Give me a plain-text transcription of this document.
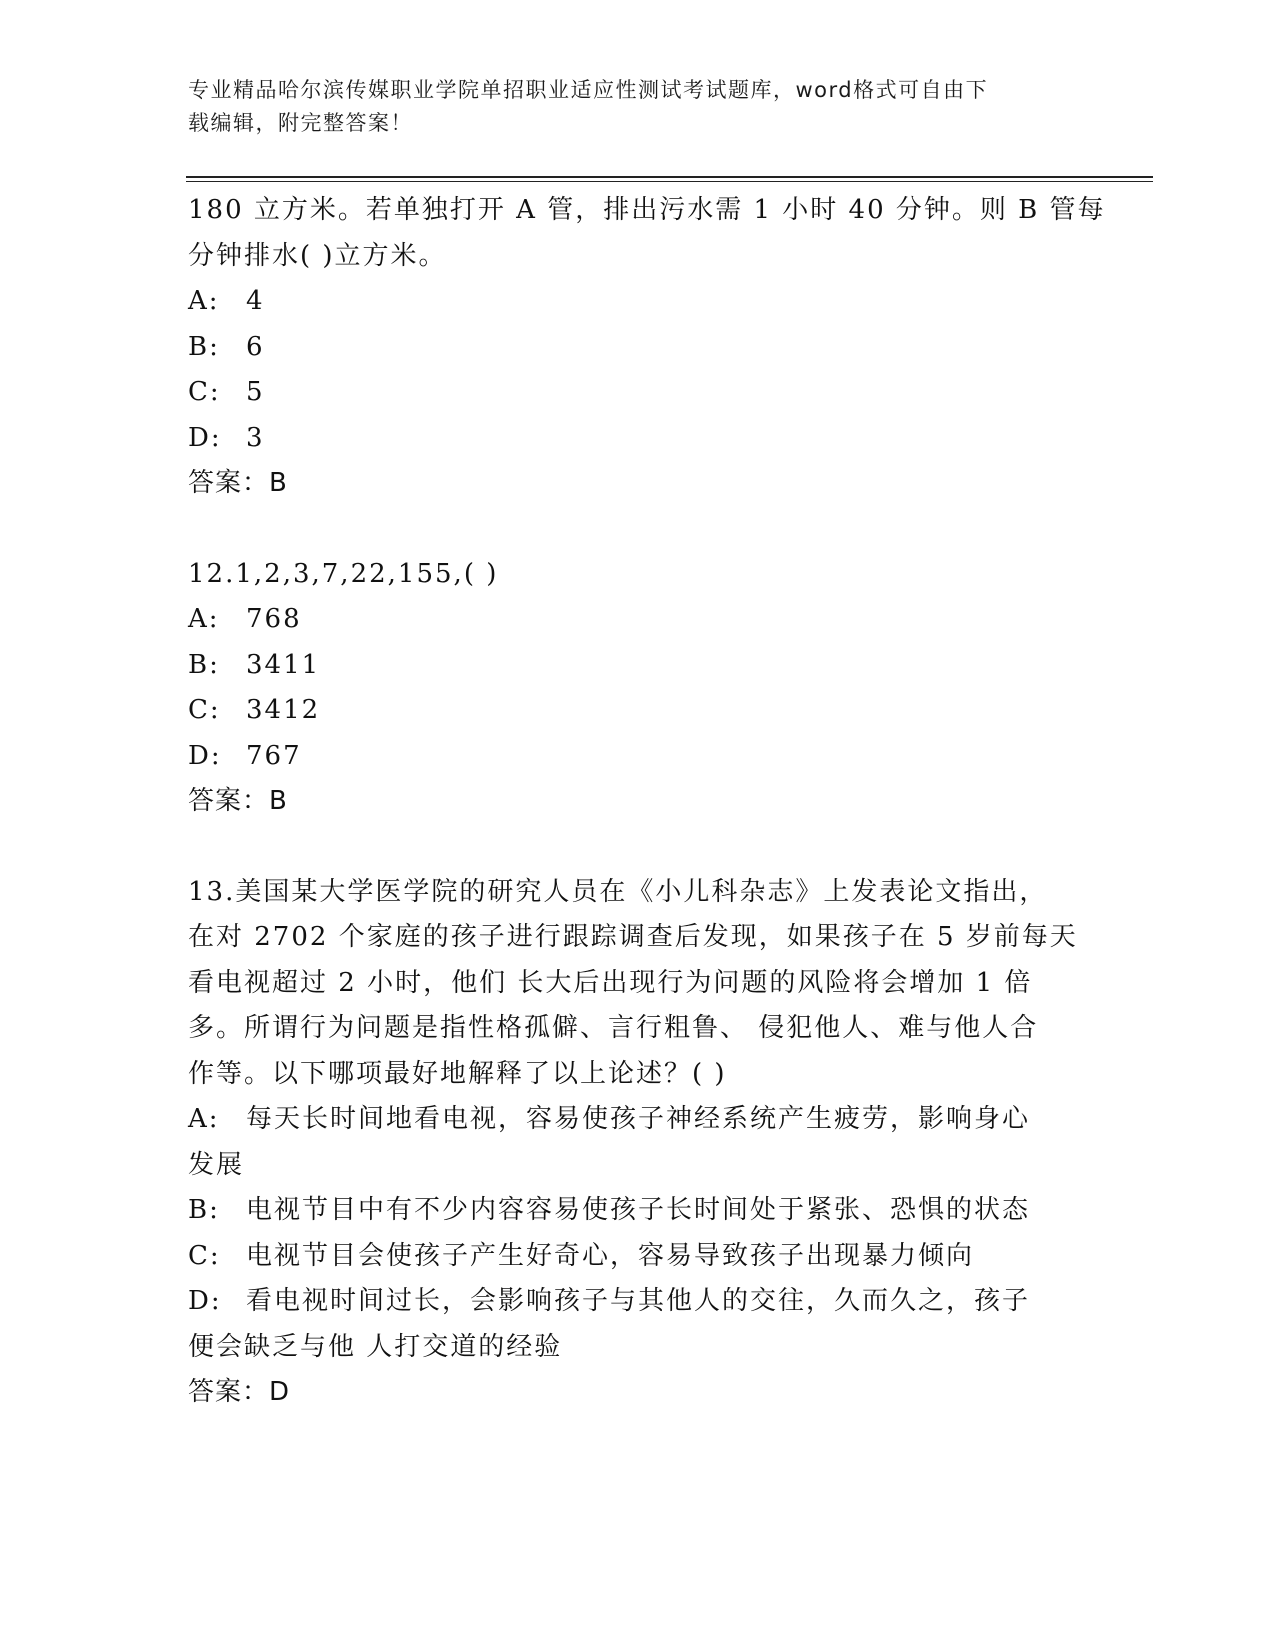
专业精品哈尔滨传媒职业学院单招职业适应性测试考试题库，word格式可自由下
载编辑，附完整答案！
180 立方米。若单独打开 A 管，排出污水需 1 小时 40 分钟。则 B 管每
分钟排水( )立方米。
A:	4
B:	6
C: 5
D: 3
答案：B
12.1,2,3,7,22,155,( )
A:	768
B:	3411
C: 3412
D: 767
答案：B
13.美国某大学医学院的研究人员在《小儿科杂志》上发表论文指出，
在对 2702 个家庭的孩子进行跟踪调查后发现，如果孩子在 5 岁前每天
看电视超过 2 小时，他们 长大后出现行为问题的风险将会增加 1 倍
多。所谓行为问题是指性格孤僻、言行粗鲁、 侵犯他人、难与他人合
作等。以下哪项最好地解释了以上论述？( )
A: 每天长时间地看电视，容易使孩子神经系统产生疲劳，影响身心
发展
B: 电视节目中有不少内容容易使孩子长时间处于紧张、恐惧的状态
C: 电视节目会使孩子产生好奇心，容易导致孩子出现暴力倾向
D: 看电视时间过长，会影响孩子与其他人的交往，久而久之，孩子
便会缺乏与他 人打交道的经验
答案：D
